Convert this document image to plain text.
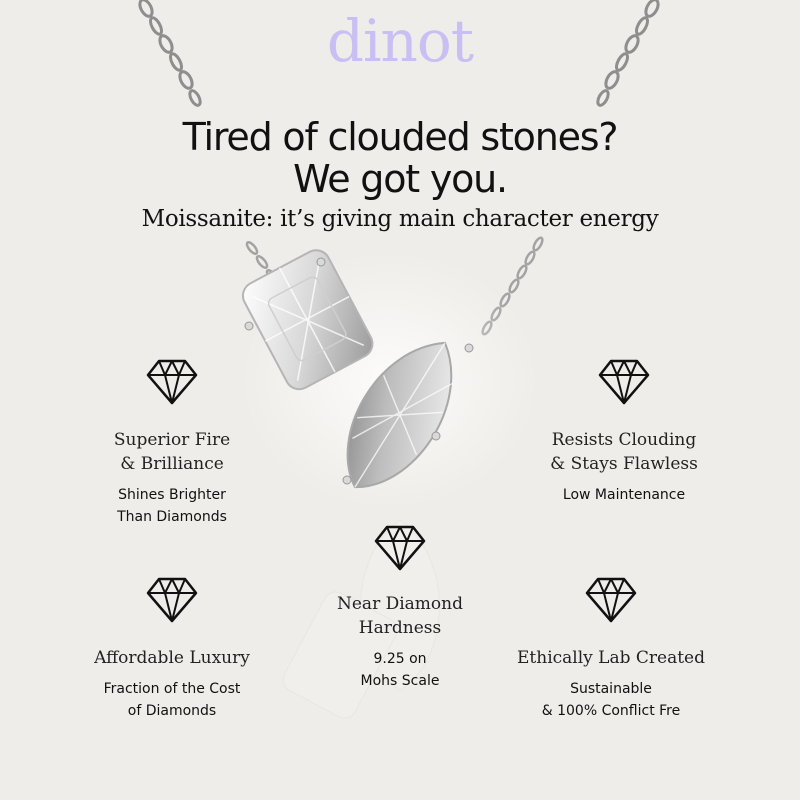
dinot
Tired of clouded stones?
We got you.
Moissanite: it’s giving main character energy
Superior Fire
& Brilliance
Shines Brighter
Than Diamonds
Resists Clouding
& Stays Flawless
Low Maintenance
Near Diamond
Hardness
9.25 on
Mohs Scale
Affordable Luxury
Fraction of the Cost
of Diamonds
Ethically Lab Created
Sustainable
& 100% Conflict Fre
